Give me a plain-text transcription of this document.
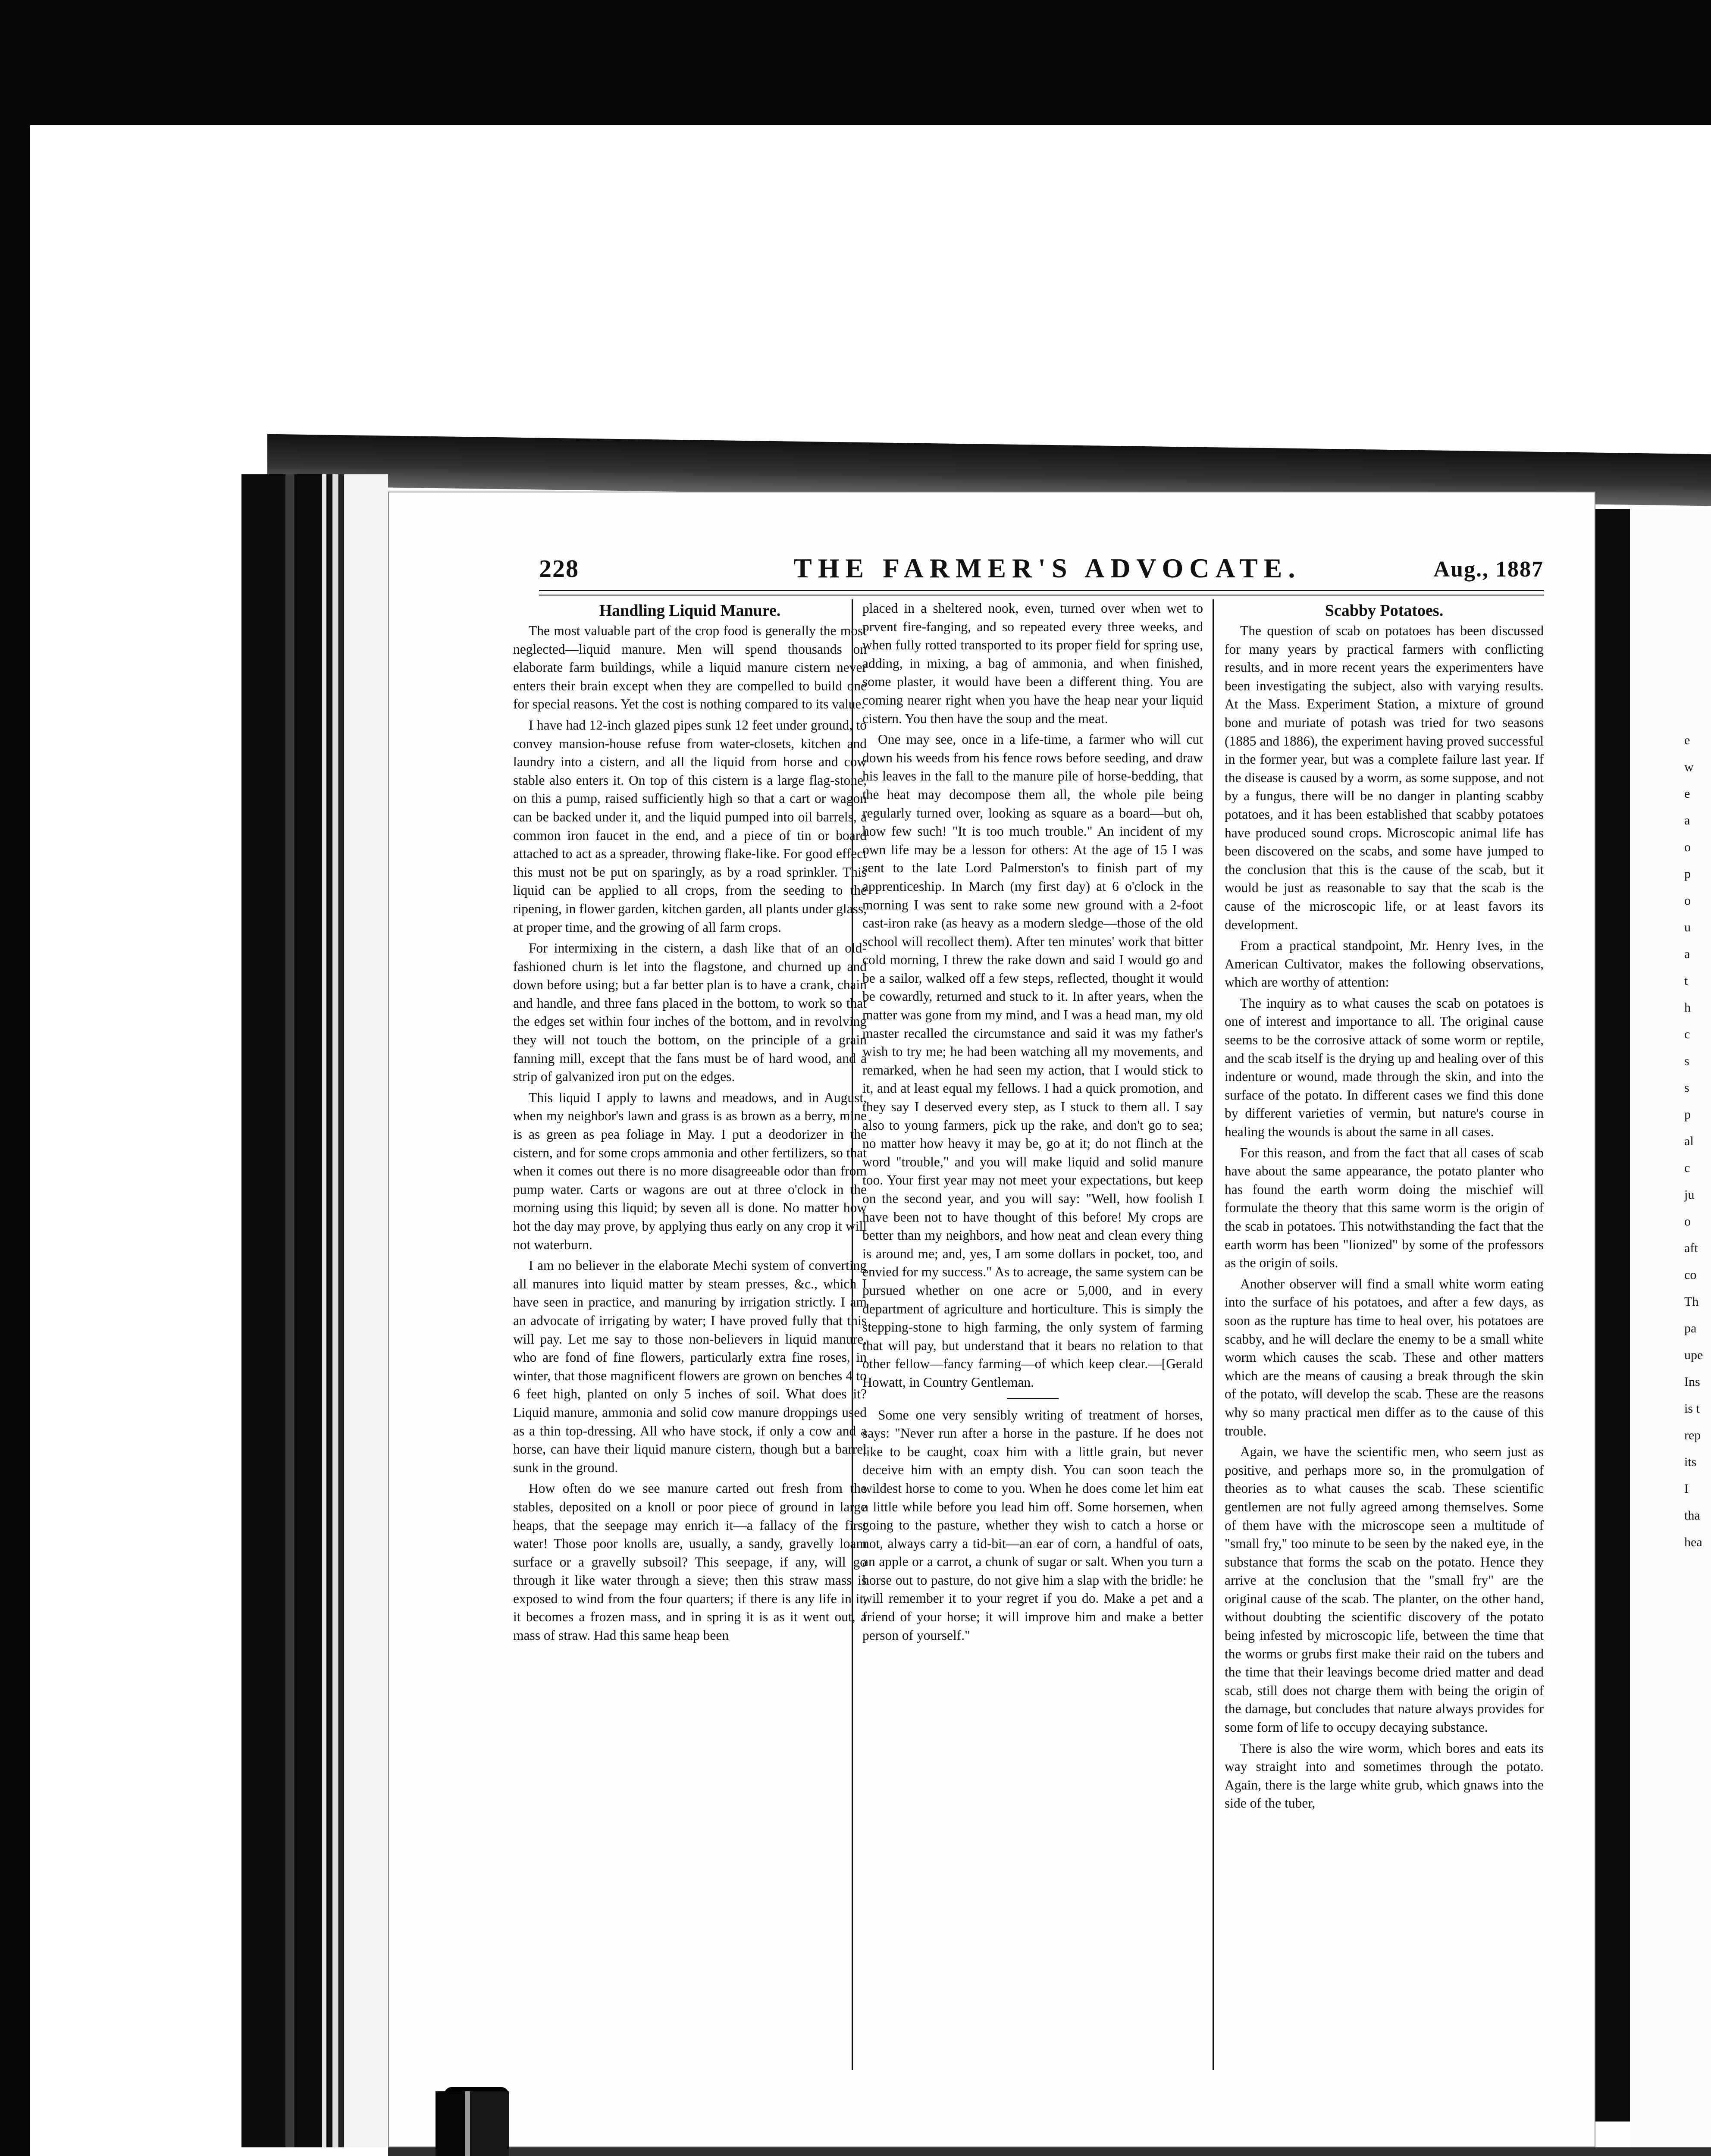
e
w
e
a
o
p
o
u
a
t
h
c
s
s
p
al
c
ju
o
aft
co
Th
pa
upe
Ins
is t
rep
its
I
tha
hea
228	THE FARMER'S ADVOCATE.	Aug., 1887
Handling Liquid Manure.

The most valuable part of the crop food is generally the most neglected—liquid manure. Men will spend thousands on elaborate farm buildings, while a liquid manure cistern never enters their brain except when they are compelled to build one for special reasons. Yet the cost is nothing compared to its value.

I have had 12-inch glazed pipes sunk 12 feet under ground, to convey mansion-house refuse from water-closets, kitchen and laundry into a cistern, and all the liquid from horse and cow stable also enters it. On top of this cistern is a large flag-stone, on this a pump, raised sufficiently high so that a cart or wagon can be backed under it, and the liquid pumped into oil barrels, a common iron faucet in the end, and a piece of tin or board attached to act as a spreader, throwing flake-like. For good effect this must not be put on sparingly, as by a road sprinkler. This liquid can be applied to all crops, from the seeding to the ripening, in flower garden, kitchen garden, all plants under glass, at proper time, and the growing of all farm crops.

For intermixing in the cistern, a dash like that of an old-fashioned churn is let into the flagstone, and churned up and down before using; but a far better plan is to have a crank, chain and handle, and three fans placed in the bottom, to work so that the edges set within four inches of the bottom, and in revolving they will not touch the bottom, on the principle of a grain fanning mill, except that the fans must be of hard wood, and a strip of galvanized iron put on the edges.

This liquid I apply to lawns and meadows, and in August, when my neighbor's lawn and grass is as brown as a berry, mine is as green as pea foliage in May. I put a deodorizer in the cistern, and for some crops ammonia and other fertilizers, so that when it comes out there is no more disagreeable odor than from pump water. Carts or wagons are out at three o'clock in the morning using this liquid; by seven all is done. No matter how hot the day may prove, by applying thus early on any crop it will not waterburn.

I am no believer in the elaborate Mechi system of converting all manures into liquid matter by steam presses, &c., which I have seen in practice, and manuring by irrigation strictly. I am an advocate of irrigating by water; I have proved fully that this will pay. Let me say to those non-believers in liquid manure, who are fond of fine flowers, particularly extra fine roses, in winter, that those magnificent flowers are grown on benches 4 to 6 feet high, planted on only 5 inches of soil. What does it? Liquid manure, ammonia and solid cow manure droppings used as a thin top-dressing. All who have stock, if only a cow and a horse, can have their liquid manure cistern, though but a barrel sunk in the ground.

How often do we see manure carted out fresh from the stables, deposited on a knoll or poor piece of ground in large heaps, that the seepage may enrich it—a fallacy of the first water! Those poor knolls are, usually, a sandy, gravelly loam surface or a gravelly subsoil? This seepage, if any, will go through it like water through a sieve; then this straw mass is exposed to wind from the four quarters; if there is any life in it, it becomes a frozen mass, and in spring it is as it went out, a mass of straw. Had this same heap been

placed in a sheltered nook, even, turned over when wet to prvent fire-fanging, and so repeated every three weeks, and when fully rotted transported to its proper field for spring use, adding, in mixing, a bag of ammonia, and when finished, some plaster, it would have been a different thing. You are coming nearer right when you have the heap near your liquid cistern. You then have the soup and the meat.

One may see, once in a life-time, a farmer who will cut down his weeds from his fence rows before seeding, and draw his leaves in the fall to the manure pile of horse-bedding, that the heat may decompose them all, the whole pile being regularly turned over, looking as square as a board—but oh, how few such! "It is too much trouble." An incident of my own life may be a lesson for others: At the age of 15 I was sent to the late Lord Palmerston's to finish part of my apprenticeship. In March (my first day) at 6 o'clock in the morning I was sent to rake some new ground with a 2-foot cast-iron rake (as heavy as a modern sledge—those of the old school will recollect them). After ten minutes' work that bitter cold morning, I threw the rake down and said I would go and be a sailor, walked off a few steps, reflected, thought it would be cowardly, returned and stuck to it. In after years, when the matter was gone from my mind, and I was a head man, my old master recalled the circumstance and said it was my father's wish to try me; he had been watching all my movements, and remarked, when he had seen my action, that I would stick to it, and at least equal my fellows. I had a quick promotion, and they say I deserved every step, as I stuck to them all. I say also to young farmers, pick up the rake, and don't go to sea; no matter how heavy it may be, go at it; do not flinch at the word "trouble," and you will make liquid and solid manure too. Your first year may not meet your expectations, but keep on the second year, and you will say: "Well, how foolish I have been not to have thought of this before! My crops are better than my neighbors, and how neat and clean every thing is around me; and, yes, I am some dollars in pocket, too, and envied for my success." As to acreage, the same system can be pursued whether on one acre or 5,000, and in every department of agriculture and horticulture. This is simply the stepping-stone to high farming, the only system of farming that will pay, but understand that it bears no relation to that other fellow—fancy farming—of which keep clear.—[Gerald Howatt, in Country Gentleman.

Some one very sensibly writing of treatment of horses, says: "Never run after a horse in the pasture. If he does not like to be caught, coax him with a little grain, but never deceive him with an empty dish. You can soon teach the wildest horse to come to you. When he does come let him eat a little while before you lead him off. Some horsemen, when going to the pasture, whether they wish to catch a horse or not, always carry a tid-bit—an ear of corn, a handful of oats, an apple or a carrot, a chunk of sugar or salt. When you turn a horse out to pasture, do not give him a slap with the bridle: he will remember it to your regret if you do. Make a pet and a friend of your horse; it will improve him and make a better person of yourself."

Scabby Potatoes.

The question of scab on potatoes has been discussed for many years by practical farmers with conflicting results, and in more recent years the experimenters have been investigating the subject, also with varying results. At the Mass. Experiment Station, a mixture of ground bone and muriate of potash was tried for two seasons (1885 and 1886), the experiment having proved successful in the former year, but was a complete failure last year. If the disease is caused by a worm, as some suppose, and not by a fungus, there will be no danger in planting scabby potatoes, and it has been established that scabby potatoes have produced sound crops. Microscopic animal life has been discovered on the scabs, and some have jumped to the conclusion that this is the cause of the scab, but it would be just as reasonable to say that the scab is the cause of the microscopic life, or at least favors its development.

From a practical standpoint, Mr. Henry Ives, in the American Cultivator, makes the following observations, which are worthy of attention:

The inquiry as to what causes the scab on potatoes is one of interest and importance to all. The original cause seems to be the corrosive attack of some worm or reptile, and the scab itself is the drying up and healing over of this indenture or wound, made through the skin, and into the surface of the potato. In different cases we find this done by different varieties of vermin, but nature's course in healing the wounds is about the same in all cases.

For this reason, and from the fact that all cases of scab have about the same appearance, the potato planter who has found the earth worm doing the mischief will formulate the theory that this same worm is the origin of the scab in potatoes. This notwithstanding the fact that the earth worm has been "lionized" by some of the professors as the origin of soils.

Another observer will find a small white worm eating into the surface of his potatoes, and after a few days, as soon as the rupture has time to heal over, his potatoes are scabby, and he will declare the enemy to be a small white worm which causes the scab. These and other matters which are the means of causing a break through the skin of the potato, will develop the scab. These are the reasons why so many practical men differ as to the cause of this trouble.

Again, we have the scientific men, who seem just as positive, and perhaps more so, in the promulgation of theories as to what causes the scab. These scientific gentlemen are not fully agreed among themselves. Some of them have with the microscope seen a multitude of "small fry," too minute to be seen by the naked eye, in the substance that forms the scab on the potato. Hence they arrive at the conclusion that the "small fry" are the original cause of the scab. The planter, on the other hand, without doubting the scientific discovery of the potato being infested by microscopic life, between the time that the worms or grubs first make their raid on the tubers and the time that their leavings become dried matter and dead scab, still does not charge them with being the origin of the damage, but concludes that nature always provides for some form of life to occupy decaying substance.

There is also the wire worm, which bores and eats its way straight into and sometimes through the potato. Again, there is the large white grub, which gnaws into the side of the tuber,
